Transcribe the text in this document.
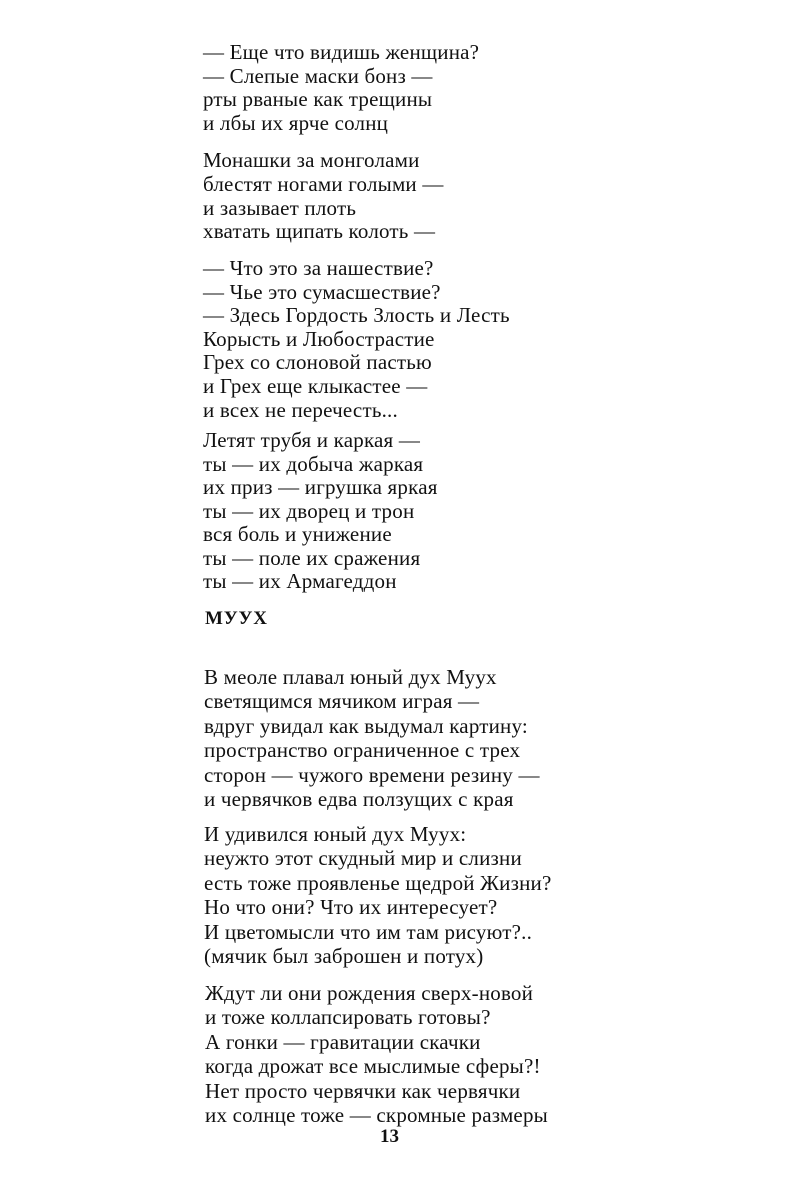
— Еще что видишь женщина?
— Слепые маски бонз —
рты рваные как трещины
и лбы их ярче солнц
Монашки за монголами
блестят ногами голыми —
и зазывает плоть
хватать щипать колоть —
— Что это за нашествие?
— Чье это сумасшествие?
— Здесь Гордость Злость и Лесть
Корысть и Любострастие
Грех со слоновой пастью
и Грех еще клыкастее —
и всех не перечесть...
Летят трубя и каркая —
ты — их добыча жаркая
их приз — игрушка яркая
ты — их дворец и трон
вся боль и унижение
ты — поле их сражения
ты — их Армагеддон
МУУХ
В меоле плавал юный дух Муух
светящимся мячиком играя —
вдруг увидал как выдумал картину:
пространство ограниченное с трех
сторон — чужого времени резину —
и червячков едва ползущих с края
И удивился юный дух Муух:
неужто этот скудный мир и слизни
есть тоже проявленье щедрой Жизни?
Но что они? Что их интересует?
И цветомысли что им там рисуют?..
(мячик был заброшен и потух)
Ждут ли они рождения сверх-новой
и тоже коллапсировать готовы?
А гонки — гравитации скачки
когда дрожат все мыслимые сферы?!
Нет просто червячки как червячки
их солнце тоже — скромные размеры
13
